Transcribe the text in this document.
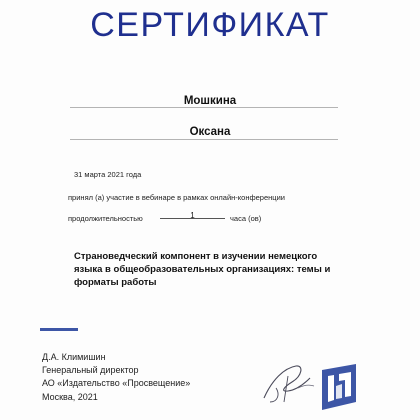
СЕРТИФИКАТ
Мошкина
Оксана
31 марта 2021 года
принял (а) участие в вебинаре в рамках онлайн-конференции
продолжительностью	1	часа (ов)
Страноведческий компонент в изучении немецкого языка в общеобразовательных организациях: темы и форматы работы
Д.А. Климишин
Генеральный директор
АО «Издательство «Просвещение»
Москва, 2021
